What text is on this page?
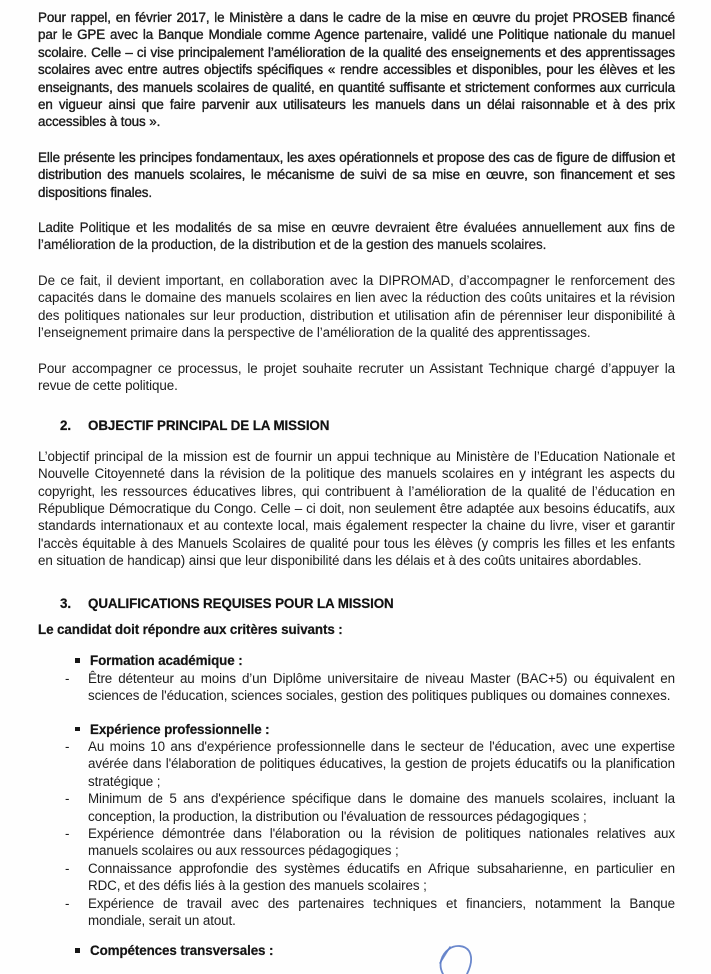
Pour rappel, en février 2017, le Ministère a dans le cadre de la mise en œuvre du projet PROSEB financé par le GPE avec la Banque Mondiale comme Agence partenaire, validé une Politique nationale du manuel scolaire. Celle – ci vise principalement l’amélioration de la qualité des enseignements et des apprentissages scolaires avec entre autres objectifs spécifiques « rendre accessibles et disponibles, pour les élèves et les enseignants, des manuels scolaires de qualité, en quantité suffisante et strictement conformes aux curricula en vigueur ainsi que faire parvenir aux utilisateurs les manuels dans un délai raisonnable et à des prix accessibles à tous ».

Elle présente les principes fondamentaux, les axes opérationnels et propose des cas de figure de diffusion et distribution des manuels scolaires, le mécanisme de suivi de sa mise en œuvre, son financement et ses dispositions finales.

Ladite Politique et les modalités de sa mise en œuvre devraient être évaluées annuellement aux fins de l’amélioration de la production, de la distribution et de la gestion des manuels scolaires.

De ce fait, il devient important, en collaboration avec la DIPROMAD, d’accompagner le renforcement des capacités dans le domaine des manuels scolaires en lien avec la réduction des coûts unitaires et la révision des politiques nationales sur leur production, distribution et utilisation afin de pérenniser leur disponibilité à l’enseignement primaire dans la perspective de l’amélioration de la qualité des apprentissages.

Pour accompagner ce processus, le projet souhaite recruter un Assistant Technique chargé d’appuyer la revue de cette politique.

2.	OBJECTIF PRINCIPAL DE LA MISSION

L’objectif principal de la mission est de fournir un appui technique au Ministère de l’Education Nationale et Nouvelle Citoyenneté dans la révision de la politique des manuels scolaires en y intégrant les aspects du copyright, les ressources éducatives libres, qui contribuent à l’amélioration de la qualité de l’éducation en République Démocratique du Congo. Celle – ci doit, non seulement être adaptée aux besoins éducatifs, aux standards internationaux et au contexte local, mais également respecter la chaine du livre, viser et garantir l'accès équitable à des Manuels Scolaires de qualité pour tous les élèves (y compris les filles et les enfants en situation de handicap) ainsi que leur disponibilité dans les délais et à des coûts unitaires abordables.

3.	QUALIFICATIONS REQUISES POUR LA MISSION

Le candidat doit répondre aux critères suivants :

Formation académique :
-	Être détenteur au moins d’un Diplôme universitaire de niveau Master (BAC+5) ou équivalent en sciences de l'éducation, sciences sociales, gestion des politiques publiques ou domaines connexes.
Expérience professionnelle :
-	Au moins 10 ans d'expérience professionnelle dans le secteur de l'éducation, avec une expertise avérée dans l'élaboration de politiques éducatives, la gestion de projets éducatifs ou la planification stratégique ;
-	Minimum de 5 ans d'expérience spécifique dans le domaine des manuels scolaires, incluant la conception, la production, la distribution ou l'évaluation de ressources pédagogiques ;
-	Expérience démontrée dans l'élaboration ou la révision de politiques nationales relatives aux manuels scolaires ou aux ressources pédagogiques ;
-	Connaissance approfondie des systèmes éducatifs en Afrique subsaharienne, en particulier en RDC, et des défis liés à la gestion des manuels scolaires ;
-	Expérience de travail avec des partenaires techniques et financiers, notamment la Banque mondiale, serait un atout.
Compétences transversales :
